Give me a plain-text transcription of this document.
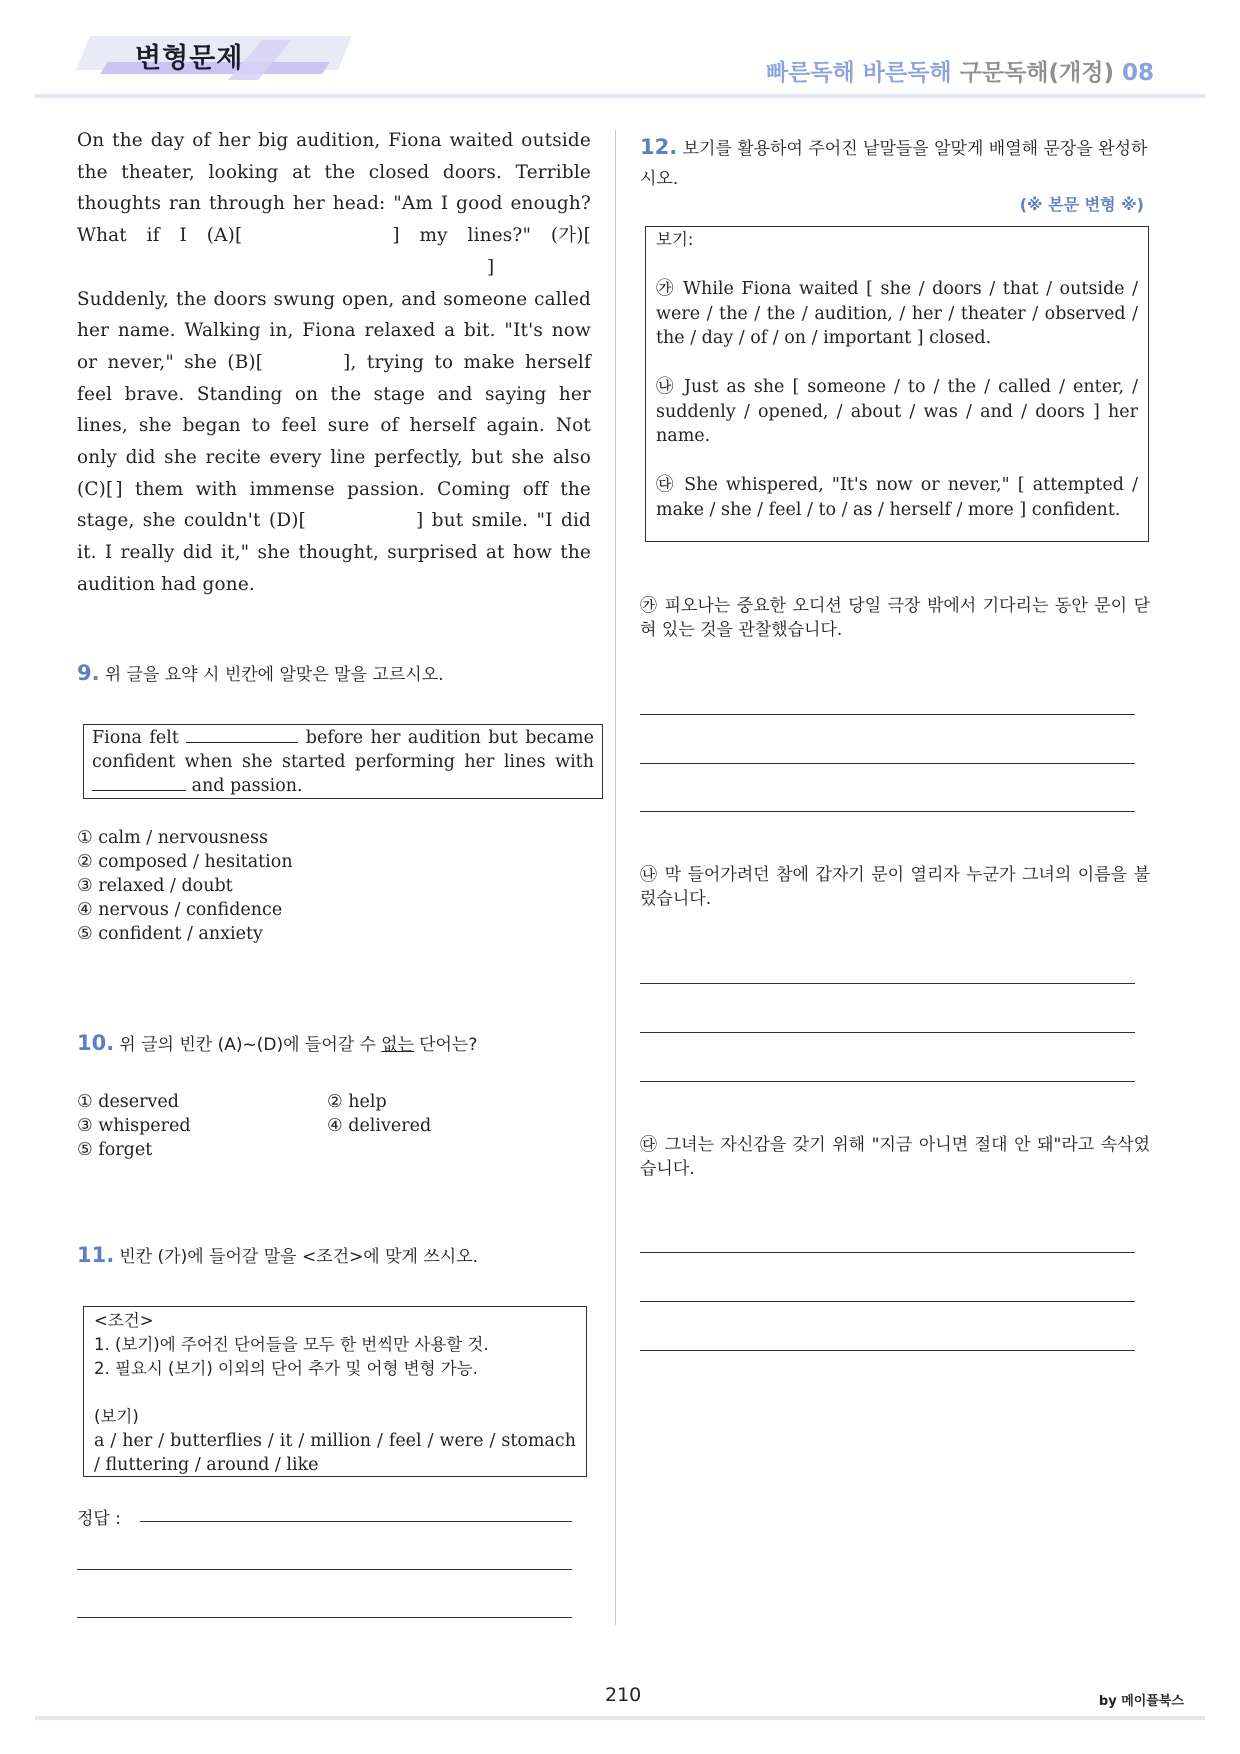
변형문제	빠른독해 바른독해 구문독해(개정) 08
On the day of her big audition, Fiona waited outside the theater, looking at the closed doors. Terrible thoughts ran through her head: "Am I good enough? What if I (A)[	] my lines?" (가)[] Suddenly, the doors swung open, and someone called her name. Walking in, Fiona relaxed a bit. "It's now or never," she (B)[	], trying to make herself feel brave. Standing on the stage and saying her lines, she began to feel sure of herself again. Not only did she recite every line perfectly, but she also (C)[ ] them with immense passion. Coming off the stage, she couldn't (D)[	] but smile. "I did it. I really did it," she thought, surprised at how the audition had gone.
9. 위 글을 요약 시 빈칸에 알맞은 말을 고르시오.
Fiona felt	before her audition but became confident when she started performing her lines with  and passion.
① calm / nervousness
② composed / hesitation
③ relaxed / doubt
④ nervous / confidence
⑤ confident / anxiety
10. 위 글의 빈칸 (A)~(D)에 들어갈 수 없는 단어는?
① deserved	② help
③ whispered	④ delivered
⑤ forget
11. 빈칸 (가)에 들어갈 말을 <조건>에 맞게 쓰시오.
<조건>
1. (보기)에 주어진 단어들을 모두 한 번씩만 사용할 것.
2. 필요시 (보기) 이외의 단어 추가 및 어형 변형 가능.
(보기)
a / her / butterflies / it / million / feel / were / stomach / fluttering / around / like
정답 :
12. 보기를 활용하여 주어진 낱말들을 알맞게 배열해 문장을 완성하시오.
(※ 본문 변형 ※)
보기:

㉮ While Fiona waited [ she / doors / that / outside / were / the / the / audition, / her / theater / observed / the / day / of / on / important ] closed.

㉯ Just as she [ someone / to / the / called / enter, / suddenly / opened, / about / was / and / doors ] her name.

㉰ She whispered, "It's now or never," [ attempted / make / she / feel / to / as / herself / more ] confident.

㉮ 피오나는 중요한 오디션 당일 극장 밖에서 기다리는 동안 문이 닫혀 있는 것을 관찰했습니다.
㉯ 막 들어가려던 참에 갑자기 문이 열리자 누군가 그녀의 이름을 불렀습니다.
㉰ 그녀는 자신감을 갖기 위해 "지금 아니면 절대 안 돼"라고 속삭였습니다.
210	by 메이플북스
